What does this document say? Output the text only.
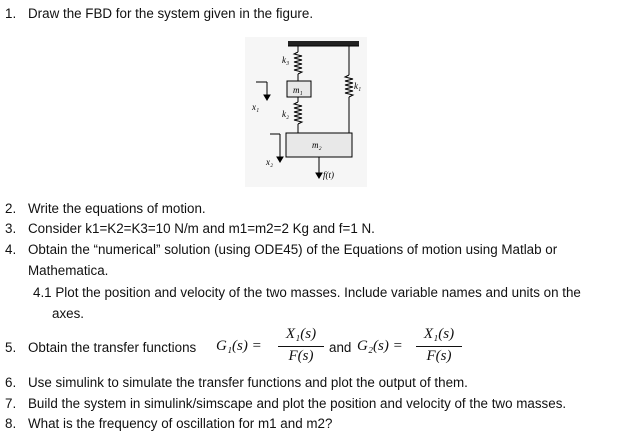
1. Draw the FBD for the system given in the figure.
k₃
m₁	k₁
k₂
m₂
x₁
x₂
f(t)
2. Write the equations of motion.
3. Consider k1=K2=K3=10 N/m and m1=m2=2 Kg and f=1 N.
4. Obtain the “numerical” solution (using ODE45) of the Equations of motion using Matlab or
Mathematica.
4.1 Plot the position and velocity of the two masses. Include variable names and units on the
axes.
5. Obtain the transfer functions G₁(s) =
X₁(s)
F(s)
and G₂(s) =
X₁(s)
F(s)
6. Use simulink to simulate the transfer functions and plot the output of them.
7. Build the system in simulink/simscape and plot the position and velocity of the two masses.
8. What is the frequency of oscillation for m1 and m2?
